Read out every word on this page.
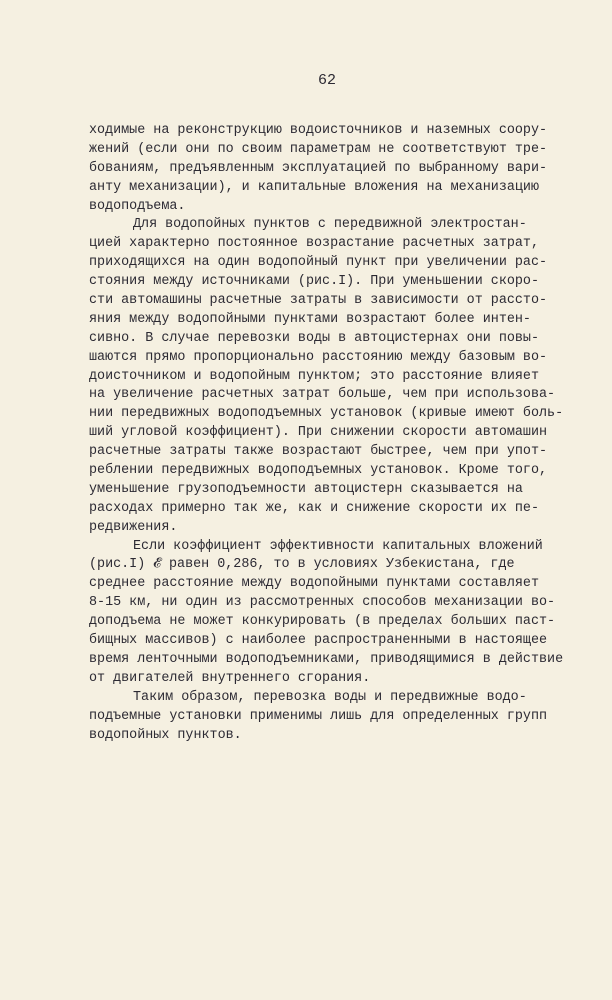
62
ходимые на реконструкцию водоисточников и наземных соору-
жений (если они по своим параметрам не соответствуют тре-
бованиям, предъявленным эксплуатацией по выбранному вари-
анту механизации), и капитальные вложения на механизацию
водоподъема.
Для водопойных пунктов с передвижной электростан-
цией характерно постоянное возрастание расчетных затрат,
приходящихся на один водопойный пункт при увеличении рас-
стояния между источниками (рис.I). При уменьшении скоро-
сти автомашины расчетные затраты в зависимости от рассто-
яния между водопойными пунктами возрастают более интен-
сивно. В случае перевозки воды в автоцистернах они повы-
шаются прямо пропорционально расстоянию между базовым во-
доисточником и водопойным пунктом; это расстояние влияет
на увеличение расчетных затрат больше, чем при использова-
нии передвижных водоподъемных установок (кривые имеют боль-
ший угловой коэффициент). При снижении скорости автомашин
расчетные затраты также возрастают быстрее, чем при упот-
реблении передвижных водоподъемных установок. Кроме того,
уменьшение грузоподъемности автоцистерн сказывается на
расходах примерно так же, как и снижение скорости их пе-
редвижения.
Если коэффициент эффективности капитальных вложений
(рис.I) 𝓔 равен 0,286, то в условиях Узбекистана, где
среднее расстояние между водопойными пунктами составляет
8-15 км, ни один из рассмотренных способов механизации во-
доподъема не может конкурировать (в пределах больших паст-
бищных массивов) с наиболее распространенными в настоящее
время ленточными водоподъемниками, приводящимися в действие
от двигателей внутреннего сгорания.
Таким образом, перевозка воды и передвижные водо-
подъемные установки применимы лишь для определенных групп
водопойных пунктов.
